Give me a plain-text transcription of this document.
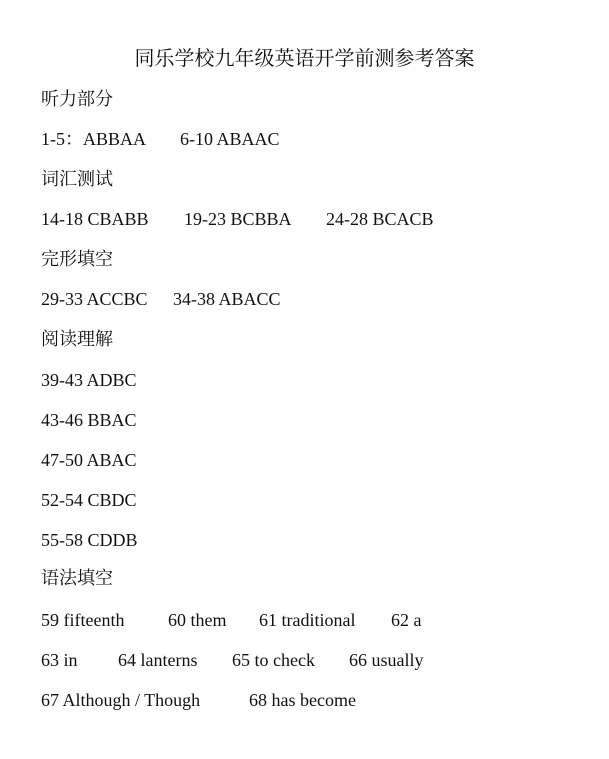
同乐学校九年级英语开学前测参考答案
听力部分
1-5：ABBAA 6-10 ABAAC
词汇测试
14-18 CBABB 19-23 BCBBA 24-28 BCACB
完形填空
29-33 ACCBC 34-38 ABACC
阅读理解
39-43 ADBC
43-46 BBAC
47-50 ABAC
52-54 CBDC
55-58 CDDB
语法填空
59 fifteenth 60 them 61 traditional 62 a
63 in 64 lanterns 65 to check 66 usually
67 Although / Though	68 has become
